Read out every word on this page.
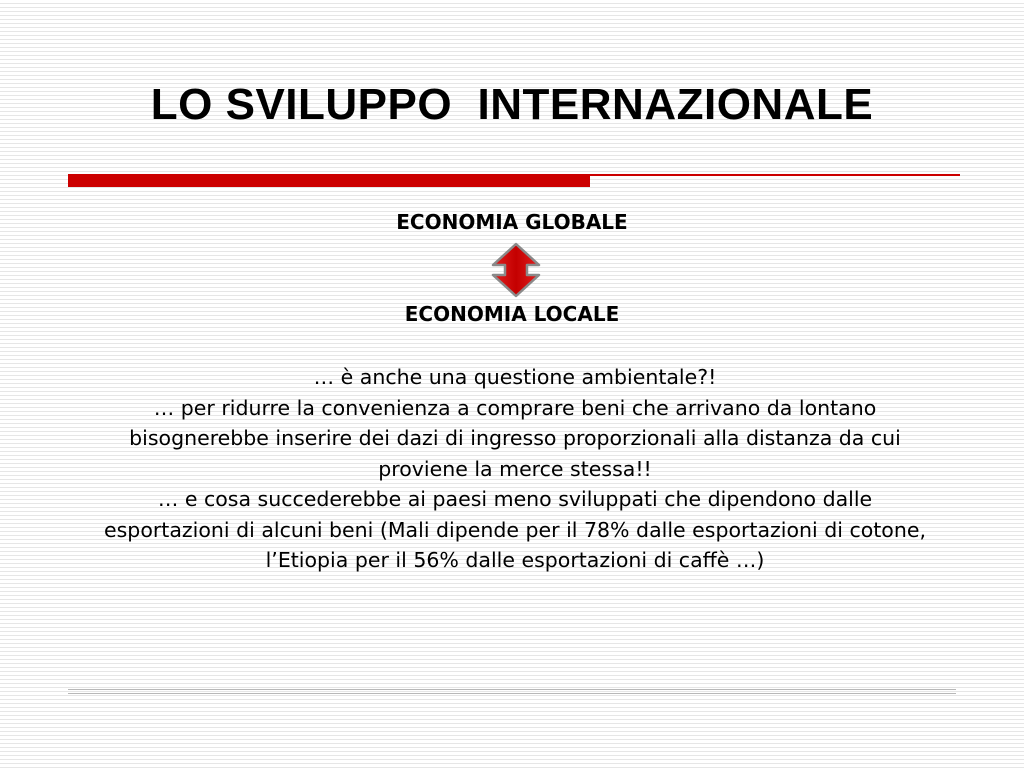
LO SVILUPPO  INTERNAZIONALE
ECONOMIA GLOBALE
ECONOMIA LOCALE

… è anche una questione ambientale?!

… per ridurre la convenienza a comprare beni che arrivano da lontano bisognerebbe inserire dei dazi di ingresso proporzionali alla distanza da cui proviene la merce stessa!!

… e cosa succederebbe ai paesi meno sviluppati che dipendono dalle esportazioni di alcuni beni (Mali dipende per il 78% dalle esportazioni di cotone, l’Etiopia per il 56% dalle esportazioni di caffè …)
